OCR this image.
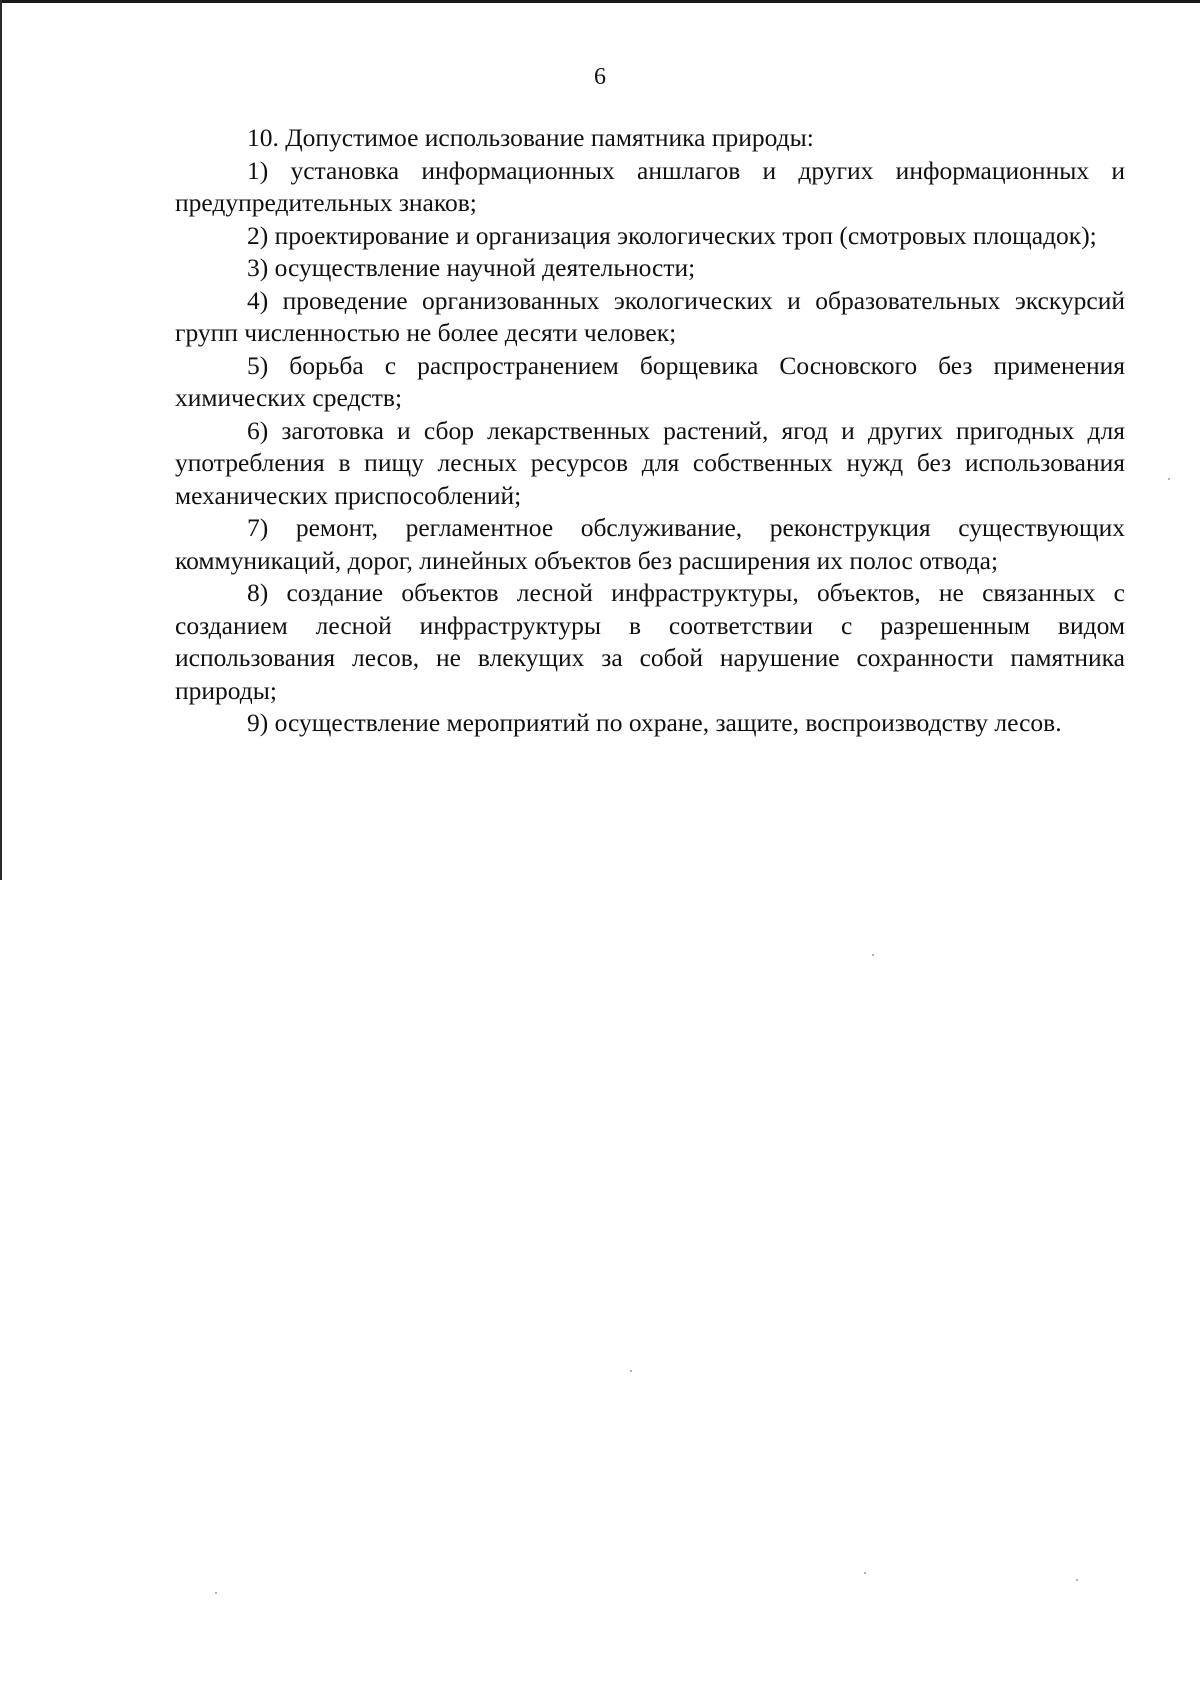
6

10. Допустимое использование памятника природы:

1) установка информационных аншлагов и других информационных и предупредительных знаков;

2) проектирование и организация экологических троп (смотровых площадок);

3) осуществление научной деятельности;

4) проведение организованных экологических и образовательных экскурсий групп численностью не более десяти человек;

5) борьба с распространением борщевика Сосновского без применения химических средств;

6) заготовка и сбор лекарственных растений, ягод и других пригодных для употребления в пищу лесных ресурсов для собственных нужд без использования механических приспособлений;

7) ремонт, регламентное обслуживание, реконструкция существующих коммуникаций, дорог, линейных объектов без расширения их полос отвода;

8) создание объектов лесной инфраструктуры, объектов, не связанных с созданием лесной инфраструктуры в соответствии с разрешенным видом использования лесов, не влекущих за собой нарушение сохранности памятника природы;

9) осуществление мероприятий по охране, защите, воспроизводству лесов.
